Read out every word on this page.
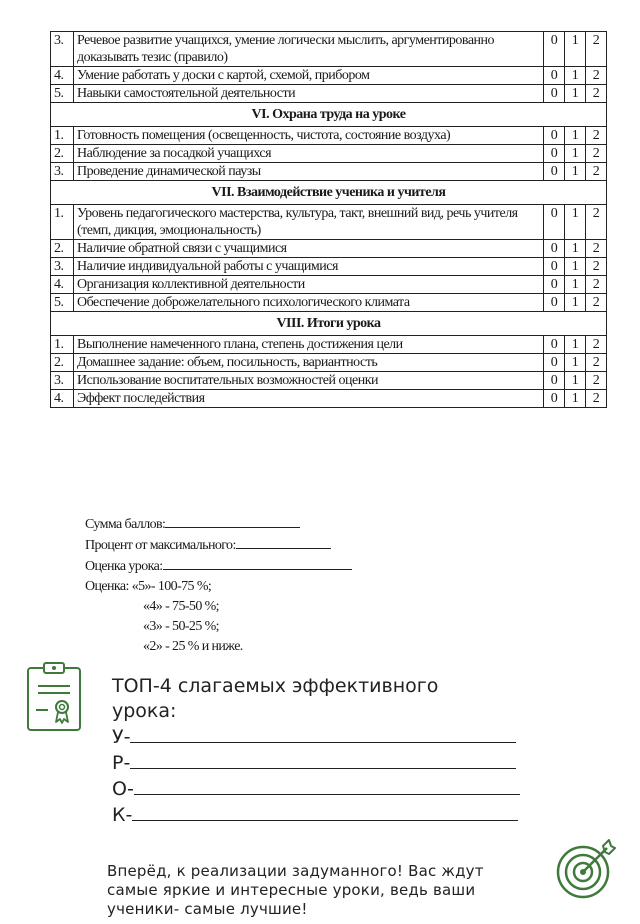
3.	Речевое развитие учащихся, умение логически мыслить, аргументированно доказывать тезис (правило)	0	1	2
4.	Умение работать у доски с картой, схемой, прибором	0	1	2
5.	Навыки самостоятельной деятельности	0	1	2
VI. Охрана труда на уроке				
1.	Готовность помещения (освещенность, чистота, состояние воздуха)	0	1	2
2.	Наблюдение за посадкой учащихся	0	1	2
3.	Проведение динамической паузы	0	1	2
VII. Взаимодействие ученика и учителя				
1.	Уровень педагогического мастерства, культура, такт, внешний вид, речь учителя (темп, дикция, эмоциональность)	0	1	2
2.	Наличие обратной связи с учащимися	0	1	2
3.	Наличие индивидуальной работы с учащимися	0	1	2
4.	Организация коллективной деятельности	0	1	2
5.	Обеспечение доброжелательного психологического климата	0	1	2
VIII. Итоги урока				
1.	Выполнение намеченного плана, степень достижения цели	0	1	2
2.	Домашнее задание: объем, посильность, вариантность	0	1	2
3.	Использование воспитательных возможностей оценки	0	1	2
4.	Эффект последействия	0	1	2
Сумма баллов:
Процент от максимального:
Оценка урока:
Оценка: «5»- 100-75 %;
«4» - 75-50 %;
«3» - 50-25 %;
«2» - 25 % и ниже.
ТОП-4 слагаемых эффективного урока:
У-
Р-
О-
К-
Вперёд, к реализации задуманного! Вас ждут самые яркие и интересные уроки, ведь ваши ученики- самые лучшие!
